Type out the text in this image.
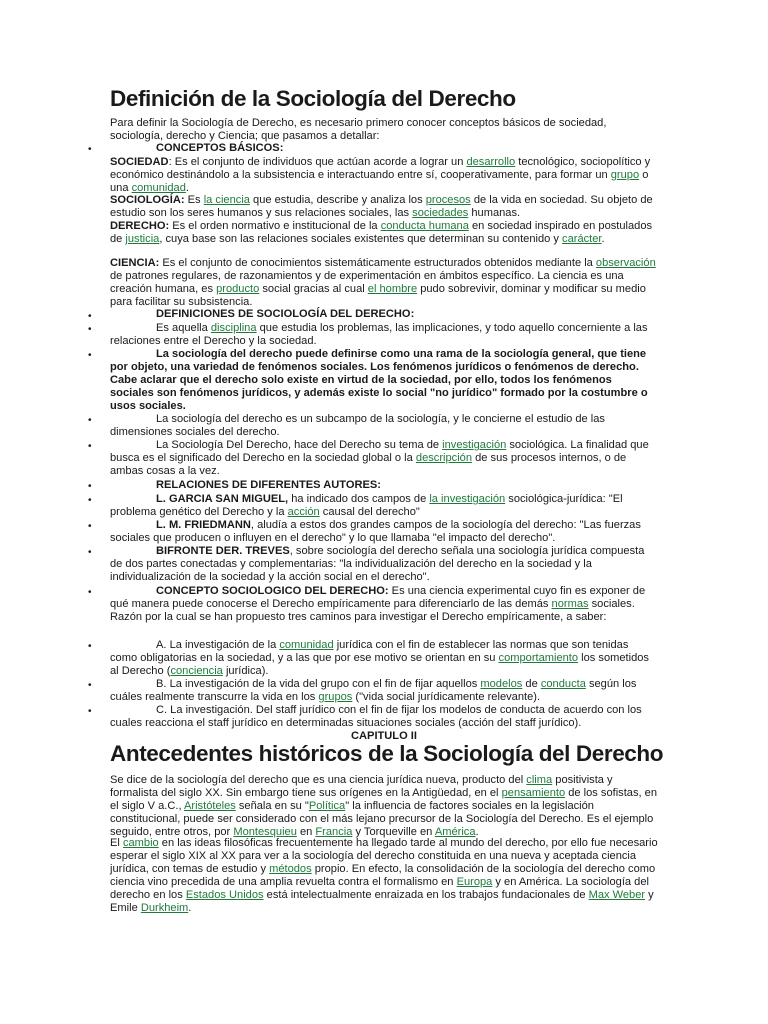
Definición de la Sociología del Derecho

Para definir la Sociología de Derecho, es necesario primero conocer conceptos básicos de sociedad, sociología, derecho y Ciencia; que pasamos a detallar:

•	CONCEPTOS BÁSICOS:

SOCIEDAD: Es el conjunto de individuos que actúan acorde a lograr un desarrollo tecnológico, sociopolítico y económico destinándolo a la subsistencia e interactuando entre sí, cooperativamente, para formar un grupo o una comunidad.

SOCIOLOGÍA: Es la ciencia que estudia, describe y analiza los procesos de la vida en sociedad. Su objeto de estudio son los seres humanos y sus relaciones sociales, las sociedades humanas.

DERECHO: Es el orden normativo e institucional de la conducta humana en sociedad inspirado en postulados de justicia, cuya base son las relaciones sociales existentes que determinan su contenido y carácter.

CIENCIA: Es el conjunto de conocimientos sistemáticamente estructurados obtenidos mediante la observación de patrones regulares, de razonamientos y de experimentación en ámbitos específico. La ciencia es una creación humana, es producto social gracias al cual el hombre pudo sobrevivir, dominar y modificar su medio para facilitar su subsistencia.

•	DEFINICIONES DE SOCIOLOGÍA DEL DERECHO:

•	Es aquella disciplina que estudia los problemas, las implicaciones, y todo aquello concerniente a las relaciones entre el Derecho y la sociedad.

•	La sociología del derecho puede definirse como una rama de la sociología general, que tiene por objeto, una variedad de fenómenos sociales. Los fenómenos jurídicos o fenómenos de derecho. Cabe aclarar que el derecho solo existe en virtud de la sociedad, por ello, todos los fenómenos sociales son fenómenos jurídicos, y además existe lo social "no jurídico" formado por la costumbre o usos sociales.

•	La sociología del derecho es un subcampo de la sociología, y le concierne el estudio de las dimensiones sociales del derecho.

•	La Sociología Del Derecho, hace del Derecho su tema de investigación sociológica. La finalidad que busca es el significado del Derecho en la sociedad global o la descripción de sus procesos internos, o de ambas cosas a la vez.

•	RELACIONES DE DIFERENTES AUTORES:

•	L. GARCIA SAN MIGUEL, ha indicado dos campos de la investigación sociológica-jurídica: "El problema genético del Derecho y la acción causal del derecho"

•	L. M. FRIEDMANN, aludía a estos dos grandes campos de la sociología del derecho: "Las fuerzas sociales que producen o influyen en el derecho" y lo que llamaba "el impacto del derecho".

•	BIFRONTE DER. TREVES, sobre sociología del derecho señala una sociología jurídica compuesta de dos partes conectadas y complementarias: "la individualización del derecho en la sociedad y la individualización de la sociedad y la acción social en el derecho".

•	CONCEPTO SOCIOLOGICO DEL DERECHO: Es una ciencia experimental cuyo fin es exponer de qué manera puede conocerse el Derecho empíricamente para diferenciarlo de las demás normas sociales. Razón por la cual se han propuesto tres caminos para investigar el Derecho empíricamente, a saber:

•	A. La investigación de la comunidad jurídica con el fin de establecer las normas que son tenidas como obligatorias en la sociedad, y a las que por ese motivo se orientan en su comportamiento los sometidos al Derecho (conciencia jurídica).

•	B. La investigación de la vida del grupo con el fin de fijar aquellos modelos de conducta según los cuáles realmente transcurre la vida en los grupos ("vida social jurídicamente relevante).

•	C. La investigación. Del staff jurídico con el fin de fijar los modelos de conducta de acuerdo con los cuales reacciona el staff jurídico en determinadas situaciones sociales (acción del staff jurídico).

CAPITULO II

Antecedentes históricos de la Sociología del Derecho

Se dice de la sociología del derecho que es una ciencia jurídica nueva, producto del clima positivista y formalista del siglo XX. Sin embargo tiene sus orígenes en la Antigüedad, en el pensamiento de los sofistas, en el siglo V a.C., Aristóteles señala en su "Política" la influencia de factores sociales en la legislación constitucional, puede ser considerado con el más lejano precursor de la Sociología del Derecho. Es el ejemplo seguido, entre otros, por Montesquieu en Francia y Torqueville en América.

El cambio en las ideas filosóficas frecuentemente ha llegado tarde al mundo del derecho, por ello fue necesario esperar el siglo XIX al XX para ver a la sociología del derecho constituida en una nueva y aceptada ciencia jurídica, con temas de estudio y métodos propio. En efecto, la consolidación de la sociología del derecho como ciencia vino precedida de una amplia revuelta contra el formalismo en Europa y en América. La sociología del derecho en los Estados Unidos está intelectualmente enraizada en los trabajos fundacionales de Max Weber y Emile Durkheim.
